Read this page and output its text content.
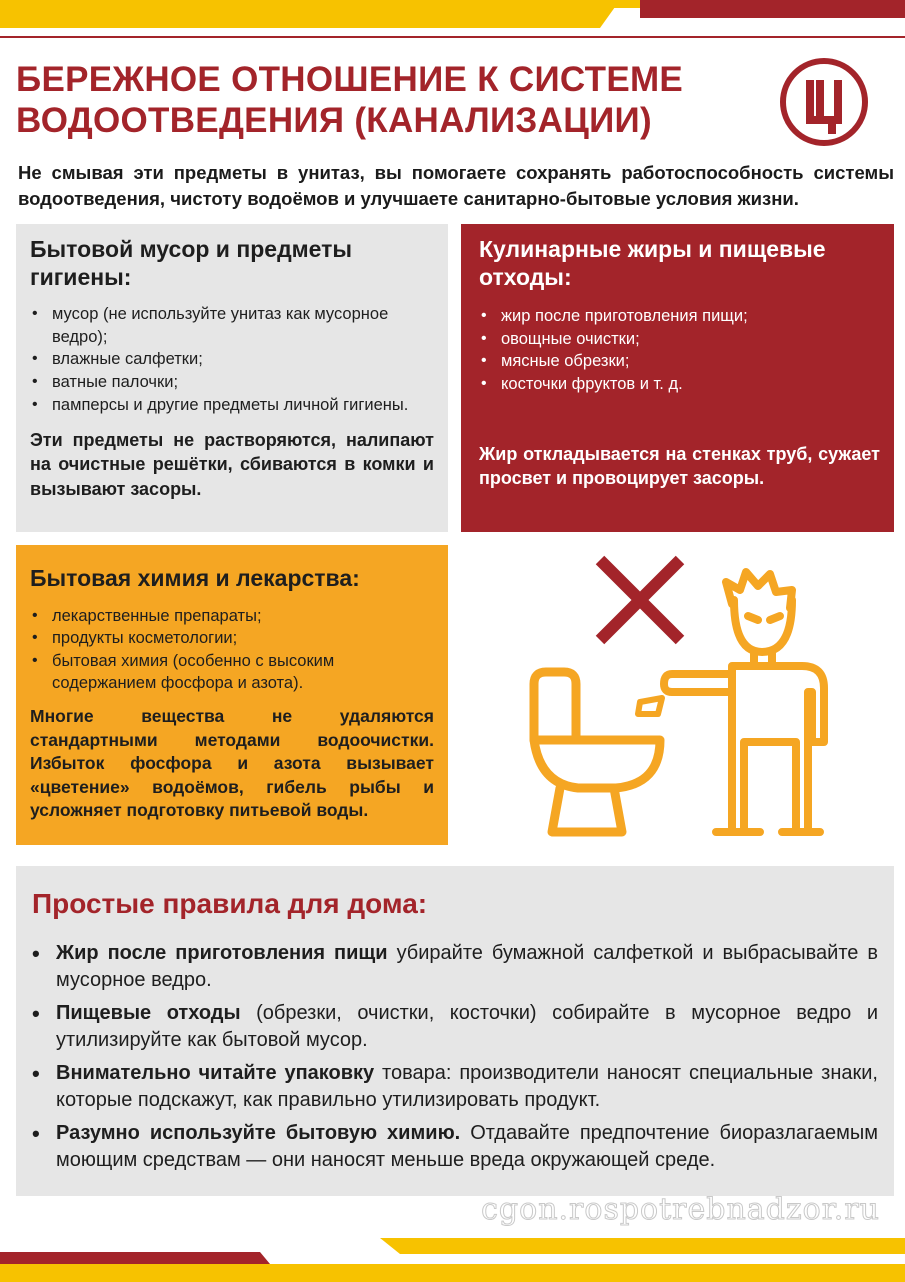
БЕРЕЖНОЕ ОТНОШЕНИЕ К СИСТЕМЕ
ВОДООТВЕДЕНИЯ (КАНАЛИЗАЦИИ)
Не смывая эти предметы в унитаз, вы помогаете сохранять работоспособность системы
водоотведения, чистоту водоёмов и улучшаете санитарно-бытовые условия жизни.
Бытовой мусор и предметы
гигиены:
• мусор (не используйте унитаз как мусорное ведро);
• влажные салфетки;
• ватные палочки;
• памперсы и другие предметы личной гигиены.

Эти предметы не растворяются, налипают на очистные решётки, сбиваются в комки и вызывают засоры.

Кулинарные жиры и пищевые
отходы:
• жир после приготовления пищи;
• овощные очистки;
• мясные обрезки;
• косточки фруктов и т. д.

Жир откладывается на стенках труб, сужает просвет и провоцирует засоры.

Бытовая химия и лекарства:
• лекарственные препараты;
• продукты косметологии;
• бытовая химия (особенно с высоким содержанием фосфора и азота).

Многие вещества не удаляются стандартными методами водоочистки. Избыток фосфора и азота вызывает «цветение» водоёмов, гибель рыбы и усложняет подготовку питьевой воды.

Простые правила для дома:
• Жир после приготовления пищи убирайте бумажной салфеткой и выбрасывайте в мусорное ведро.
• Пищевые отходы (обрезки, очистки, косточки) собирайте в мусорное ведро и утилизируйте как бытовой мусор.
• Внимательно читайте упаковку товара: производители наносят специальные знаки, которые подскажут, как правильно утилизировать продукт.
• Разумно используйте бытовую химию. Отдавайте предпочтение биоразлагаемым моющим средствам — они наносят меньше вреда окружающей среде.
cgon.rospotrebnadzor.ru
